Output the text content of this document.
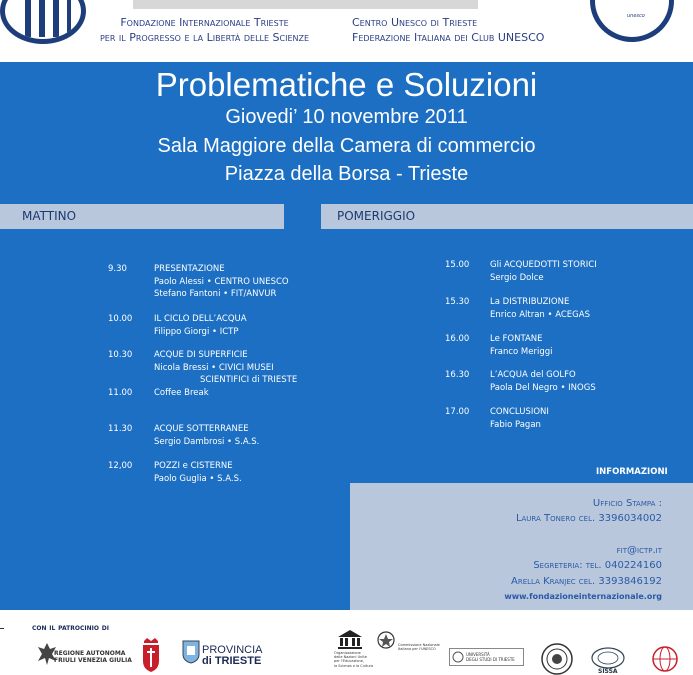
unesco
Fondazione Internazionale Trieste
per il Progresso e la Libertà delle Scienze
Centro Unesco di Trieste
Federazione Italiana dei Club UNESCO
Problematiche e Soluzioni
Giovedi’ 10 novembre 2011
Sala Maggiore della Camera di commercio
Piazza della Borsa - Trieste
MATTINO	POMERIGGIO
9.30	PRESENTAZIONE
Paolo Alessi • CENTRO UNESCO
Stefano Fantoni • FIT/ANVUR
10.00	IL CICLO DELL’ACQUA
Filippo Giorgi • ICTP
10.30	ACQUE DI SUPERFICIE
Nicola Bressi • CIVICI MUSEI
SCIENTIFICI di TRIESTE
11.00	Coffee Break
11.30	ACQUE SOTTERRANEE
Sergio Dambrosi • S.A.S.
12,00	POZZI e CISTERNE
Paolo Guglia • S.A.S.
15.00 Gli ACQUEDOTTI STORICI
Sergio Dolce
15.30 La DISTRIBUZIONE
Enrico Altran • ACEGAS
16.00 Le FONTANE
Franco Meriggi
16.30 L’ACQUA del GOLFO
Paola Del Negro • INOGS
17.00 CONCLUSIONI
Fabio Pagan
INFORMAZIONI
Ufficio Stampa :
Laura Tonero cel. 3396034002
fit@ictp.it
Segreteria: tel. 040224160
Arella Kranjec cel. 3393846192
www.fondazioneinternazionale.org
con il patrocinio di
REGIONE AUTONOMA
FRIULI VENEZIA GIULIA
PROVINCIA
di TRIESTE
Organizzazione
delle Nazioni Unite
per l'Educazione,
la Scienza e la Cultura
Commissione Nazionale
Italiana per l'UNESCO
UNIVERSITÀ
DEGLI STUDI DI TRIESTE
SISSA
